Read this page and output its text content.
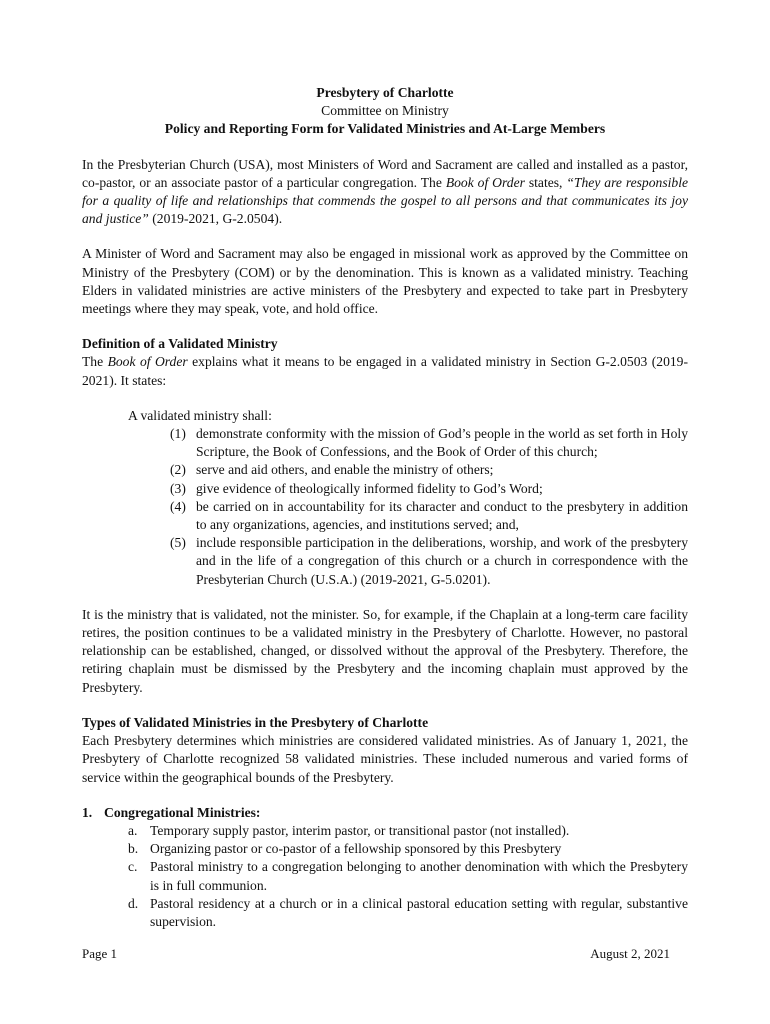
Presbytery of Charlotte

Committee on Ministry

Policy and Reporting Form for Validated Ministries and At-Large Members

In the Presbyterian Church (USA), most Ministers of Word and Sacrament are called and installed as a pastor, co-pastor, or an associate pastor of a particular congregation. The Book of Order states, “They are responsible for a quality of life and relationships that commends the gospel to all persons and that communicates its joy and justice” (2019-2021, G-2.0504).

A Minister of Word and Sacrament may also be engaged in missional work as approved by the Committee on Ministry of the Presbytery (COM) or by the denomination. This is known as a validated ministry. Teaching Elders in validated ministries are active ministers of the Presbytery and expected to take part in Presbytery meetings where they may speak, vote, and hold office.

Definition of a Validated Ministry

The Book of Order explains what it means to be engaged in a validated ministry in Section G-2.0503 (2019-2021). It states:

A validated ministry shall:

(1) demonstrate conformity with the mission of God’s people in the world as set forth in Holy Scripture, the Book of Confessions, and the Book of Order of this church;
(2) serve and aid others, and enable the ministry of others;
(3) give evidence of theologically informed fidelity to God’s Word;
(4) be carried on in accountability for its character and conduct to the presbytery in addition to any organizations, agencies, and institutions served; and,
(5) include responsible participation in the deliberations, worship, and work of the presbytery and in the life of a congregation of this church or a church in correspondence with the Presbyterian Church (U.S.A.) (2019-2021, G-5.0201).

It is the ministry that is validated, not the minister. So, for example, if the Chaplain at a long-term care facility retires, the position continues to be a validated ministry in the Presbytery of Charlotte. However, no pastoral relationship can be established, changed, or dissolved without the approval of the Presbytery. Therefore, the retiring chaplain must be dismissed by the Presbytery and the incoming chaplain must approved by the Presbytery.

Types of Validated Ministries in the Presbytery of Charlotte

Each Presbytery determines which ministries are considered validated ministries. As of January 1, 2021, the Presbytery of Charlotte recognized 58 validated ministries. These included numerous and varied forms of service within the geographical bounds of the Presbytery.

1. Congregational Ministries:
a. Temporary supply pastor, interim pastor, or transitional pastor (not installed).
b. Organizing pastor or co-pastor of a fellowship sponsored by this Presbytery
c. Pastoral ministry to a congregation belonging to another denomination with which the Presbytery is in full communion.
d. Pastoral residency at a church or in a clinical pastoral education setting with regular, substantive supervision.
Page 1	August 2, 2021
